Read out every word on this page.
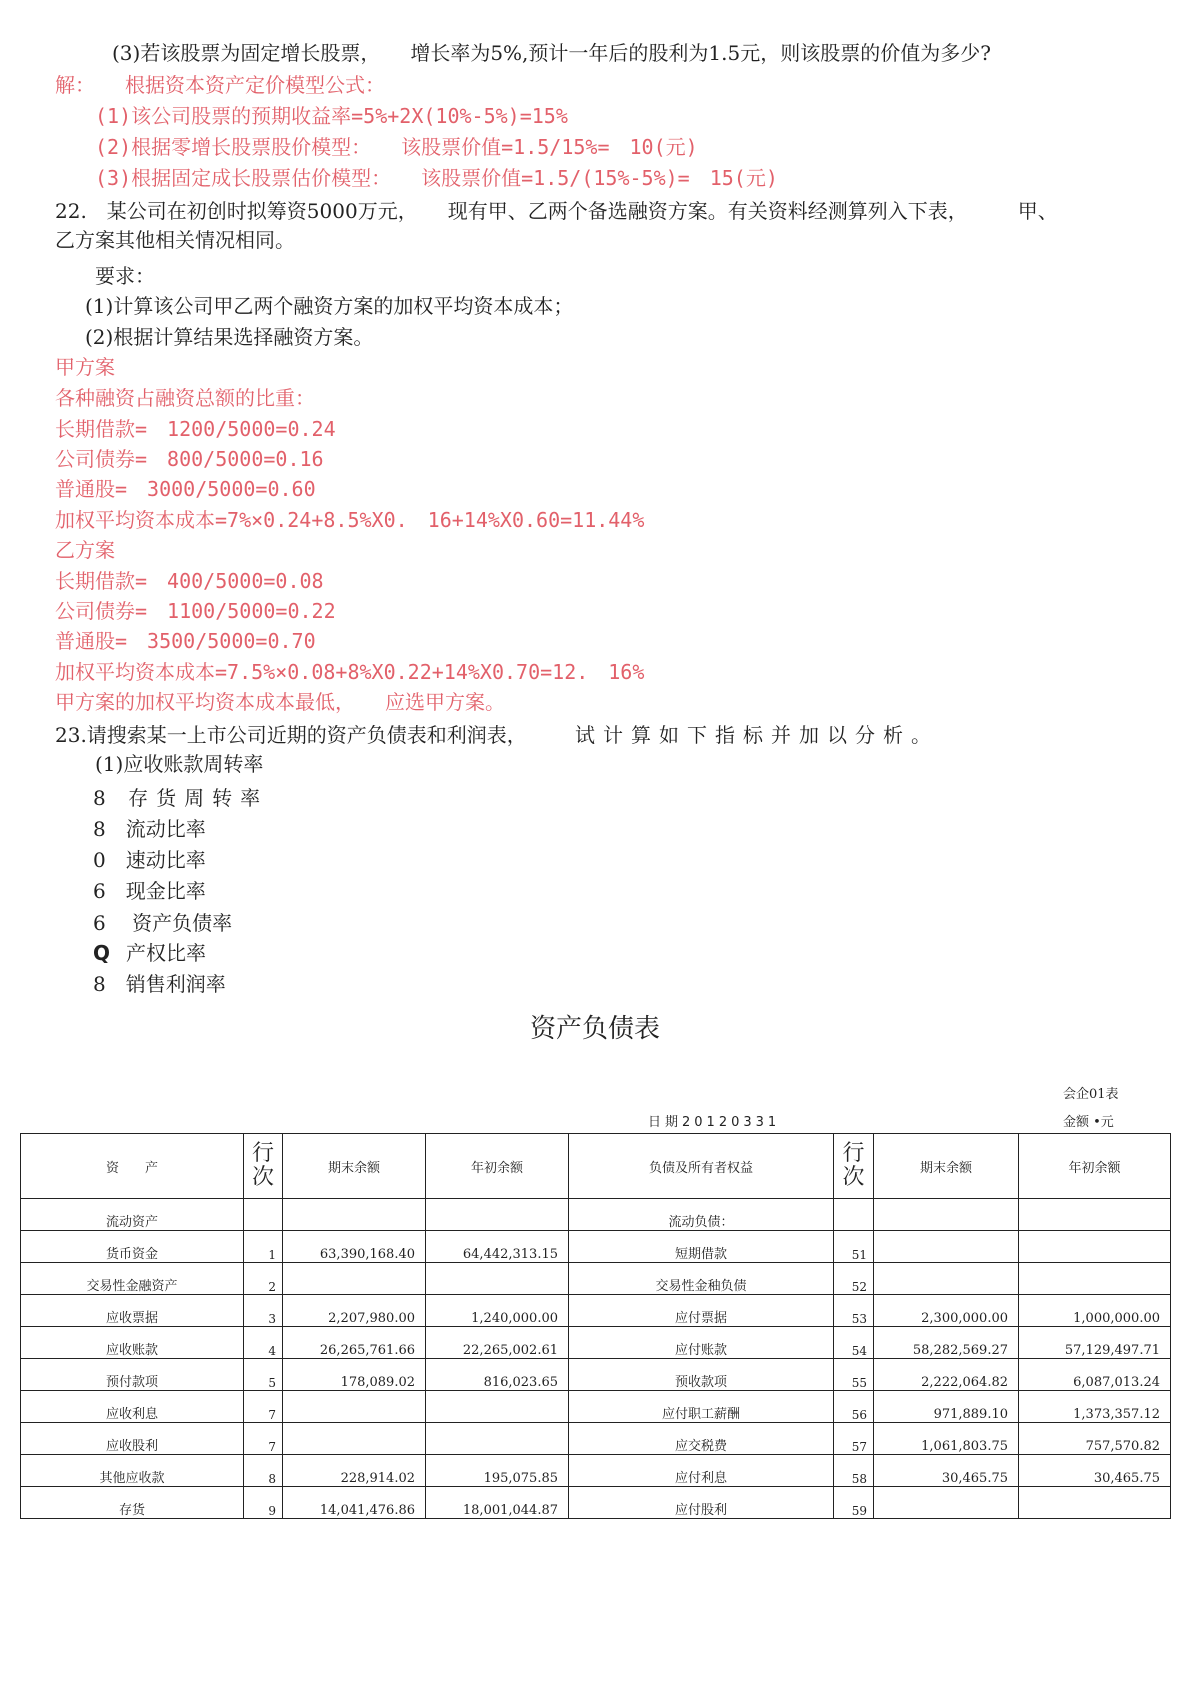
(3)若该股票为固定增长股票，　　增长率为5%,预计一年后的股利为1.5元，则该股票的价值为多少?
解：　　根据资本资产定价模型公式：
(1)该公司股票的预期收益率=5%+2X(10%-5%)=15%
(2)根据零增长股票股价模型：　　该股票价值=1.5/15%=　10(元)
(3)根据固定成长股票估价模型：　　该股票价值=1.5/(15%-5%)=　15(元)
22.　某公司在初创时拟筹资5000万元，　　现有甲、乙两个备选融资方案。有关资料经测算列入下表，　　　甲、
乙方案其他相关情况相同。
要求：
(1)计算该公司甲乙两个融资方案的加权平均资本成本；
(2)根据计算结果选择融资方案。
甲方案
各种融资占融资总额的比重：
长期借款=　1200/5000=0.24
公司债券=　800/5000=0.16
普通股=　3000/5000=0.60
加权平均资本成本=7%×0.24+8.5%X0.　16+14%X0.60=11.44%
乙方案
长期借款=　400/5000=0.08
公司债券=　1100/5000=0.22
普通股=　3500/5000=0.70
加权平均资本成本=7.5%×0.08+8%X0.22+14%X0.70=12.　16%
甲方案的加权平均资本成本最低，　　应选甲方案。
23.请搜索某一上市公司近期的资产负债表和利润表， 试计算如下指标并加以分析。
(1)应收账款周转率
8 存货周转率
8　流动比率
0　速动比率
6　现金比率
6　 资产负债率
Q 产权比率
8　销售利润率
资产负债表
会企01表
日期20120331	金额 •元
资　　产	行次	期末余额	年初余额	负债及所有者权益	行次	期末余额	年初余额
流动资产				流动负债：			
货币资金	1	63,390,168.40	64,442,313.15	短期借款	51		
交易性金融资产	2			交易性金秞负债	52		
应收票据	3	2,207,980.00	1,240,000.00	应付票据	53	2,300,000.00	1,000,000.00
应收账款	4	26,265,761.66	22,265,002.61	应付账款	54	58,282,569.27	57,129,497.71
预付款项	5	178,089.02	816,023.65	预收款项	55	2,222,064.82	6,087,013.24
应收利息	7			应付职工薪酬	56	971,889.10	1,373,357.12
应收股利	7			应交税费	57	1,061,803.75	757,570.82
其他应收款	8	228,914.02	195,075.85	应付利息	58	30,465.75	30,465.75
存货	9	14,041,476.86	18,001,044.87	应付股利	59		
